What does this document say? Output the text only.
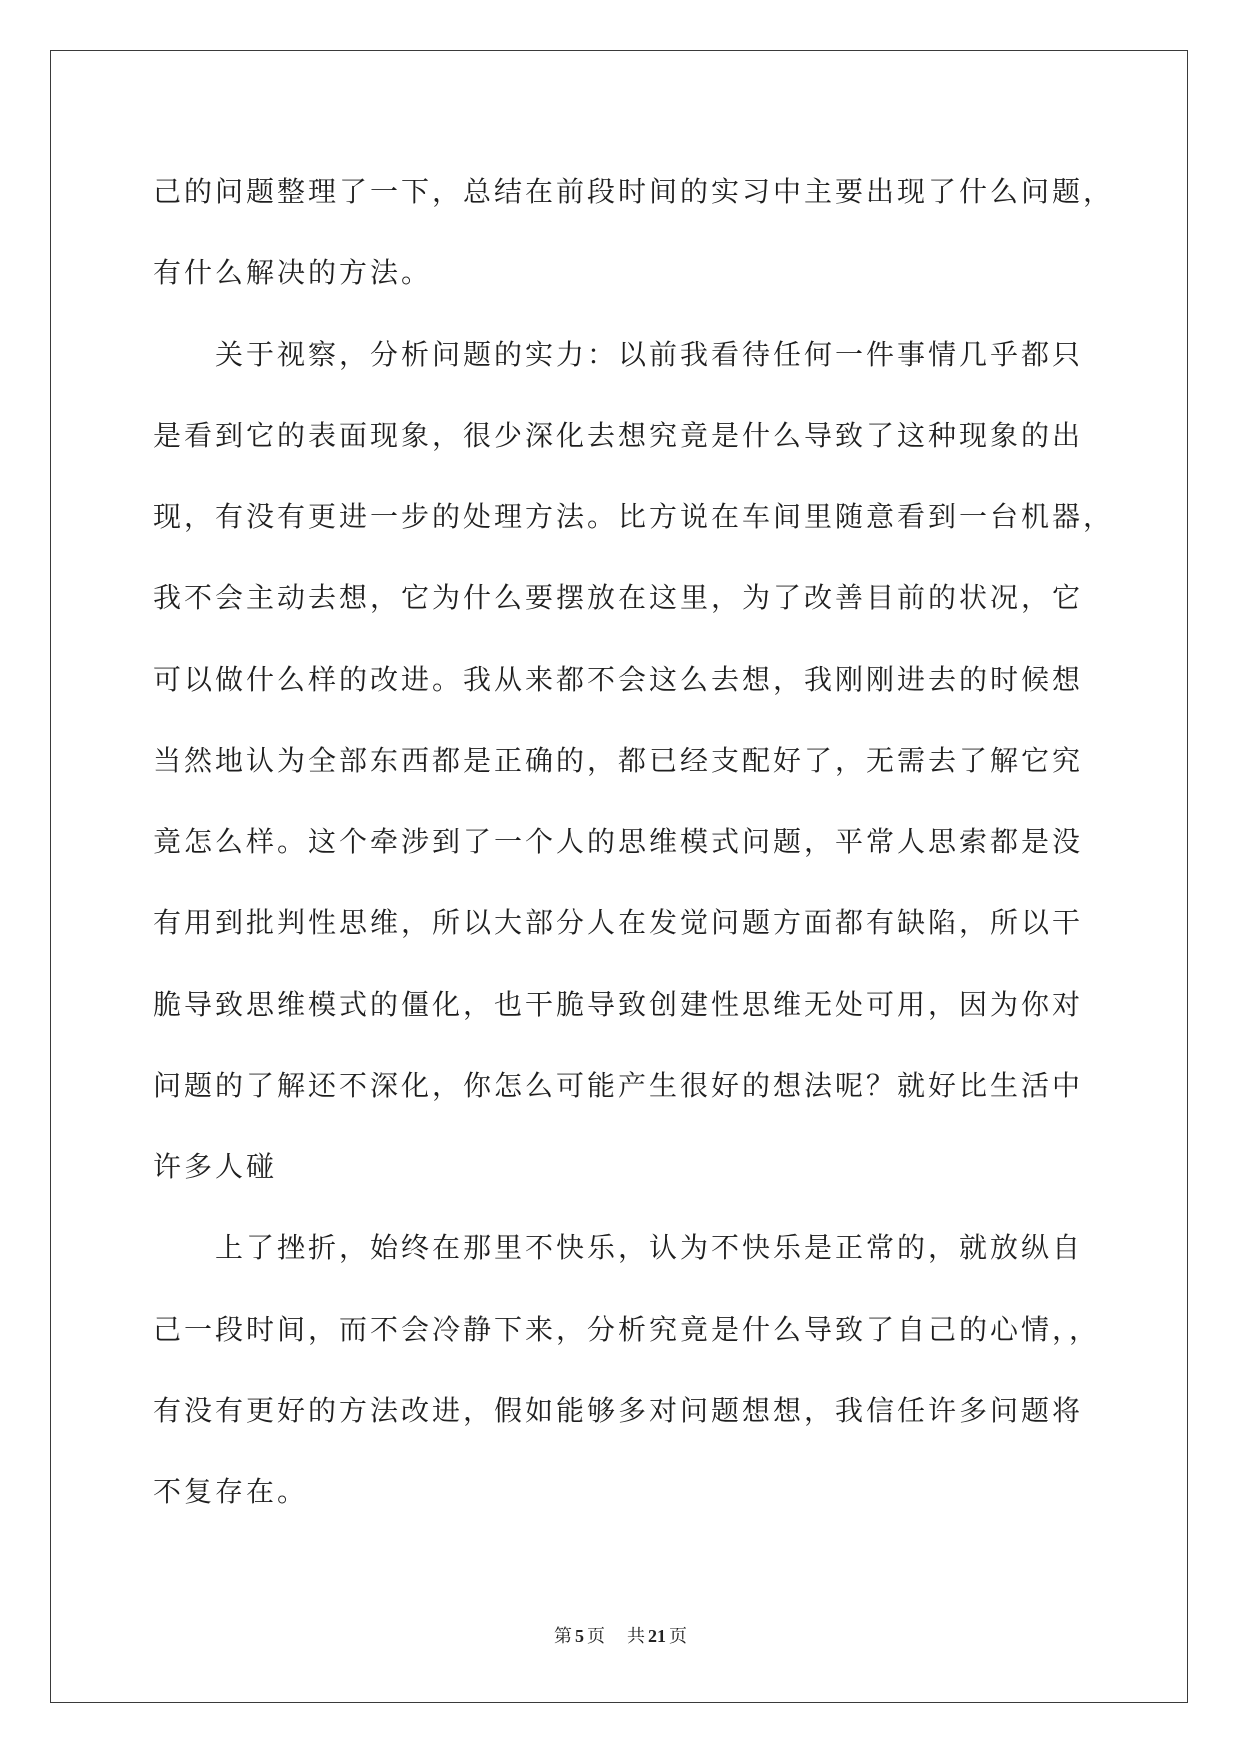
己的问题整理了一下，总结在前段时间的实习中主要出现了什么问题，
有什么解决的方法。
关于视察，分析问题的实力：以前我看待任何一件事情几乎都只
是看到它的表面现象，很少深化去想究竟是什么导致了这种现象的出
现，有没有更进一步的处理方法。比方说在车间里随意看到一台机器，
我不会主动去想，它为什么要摆放在这里，为了改善目前的状况，它
可以做什么样的改进。我从来都不会这么去想，我刚刚进去的时候想
当然地认为全部东西都是正确的，都已经支配好了，无需去了解它究
竟怎么样。这个牵涉到了一个人的思维模式问题，平常人思索都是没
有用到批判性思维，所以大部分人在发觉问题方面都有缺陷，所以干
脆导致思维模式的僵化，也干脆导致创建性思维无处可用，因为你对
问题的了解还不深化，你怎么可能产生很好的想法呢？就好比生活中
许多人碰
上了挫折，始终在那里不快乐，认为不快乐是正常的，就放纵自
己一段时间，而不会冷静下来，分析究竟是什么导致了自己的心情，，
有没有更好的方法改进，假如能够多对问题想想，我信任许多问题将
不复存在。
第 5 页 共 21 页
